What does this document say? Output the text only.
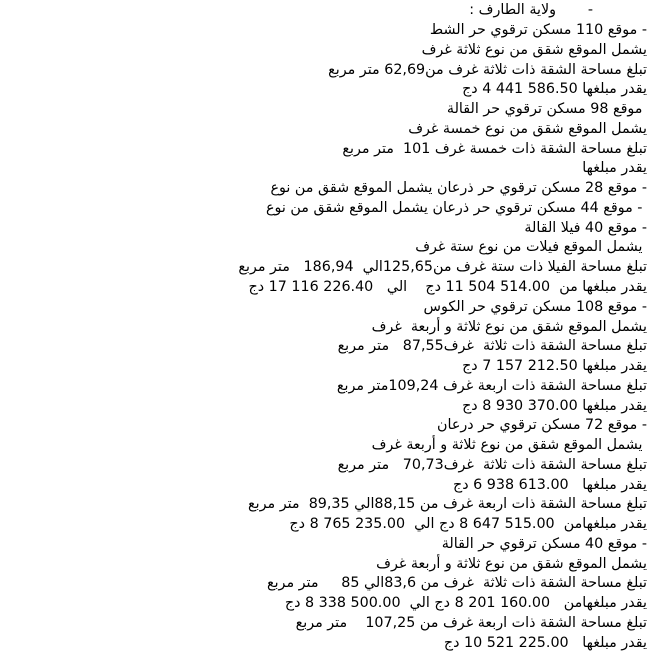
-       ولاية الطارف :
- موقع 110 مسكن ترقوي حر الشط
يشمل الموقع شقق من نوع ثلاثة غرف
تبلغ مساحة الشقة ذات ثلاثة غرف من62,69 متر مربع
يقدر مبلغها 586.50 441 4 دج
موقع 98 مسكن ترقوي حر القالة
يشمل الموقع شقق من نوع خمسة غرف
تبلغ مساحة الشقة ذات خمسة غرف 101  متر مربع
يقدر مبلغها
- موقع 28 مسكن ترقوي حر ذرعان يشمل الموقع شقق من نوع
- موقع 44 مسكن ترقوي حر ذرعان يشمل الموقع شقق من نوع
- موقع 40 فيلا القالة
يشمل الموقع فيلات من نوع ستة غرف
تبلغ مساحة الفيلا ذات ستة غرف من125,65الي  186,94   متر مربع
يقدر مبلغها من  514.00 504 11 دج    الي   226.40 116 17 دج
- موقع 108 مسكن ترقوي حر الكوس
يشمل الموقع شقق من نوع ثلاثة و أربعة  غرف
تبلغ مساحة الشقة ذات ثلاثة  غرف87,55   متر مربع
يقدر مبلغها 212.50 157 7 دج
تبلغ مساحة الشقة ذات اربعة غرف 109,24متر مربع
يقدر مبلغها 370.00 930 8 دج
- موقع 72 مسكن ترقوي حر درعان
يشمل الموقع شقق من نوع ثلاثة و أربعة غرف
تبلغ مساحة الشقة ذات ثلاثة  غرف70,73   متر مربع
يقدر مبلغها   613.00 938 6 دج
تبلغ مساحة الشقة ذات اربعة غرف من 88,15الي 89,35  متر مربع
يقدر مبلغهامن  515.00 647 8 دج الي  235.00 765 8 دج
- موقع 40 مسكن ترقوي حر القالة
يشمل الموقع شقق من نوع ثلاثة و أربعة غرف
تبلغ مساحة الشقة ذات ثلاثة  غرف من 83,6الي 85     متر مربع
يقدر مبلغهامن   160.00 201 8 دج الي  500.00 338 8 دج
تبلغ مساحة الشقة ذات اربعة غرف من 107,25    متر مربع
يقدر مبلغها   225.00 521 10 دج
